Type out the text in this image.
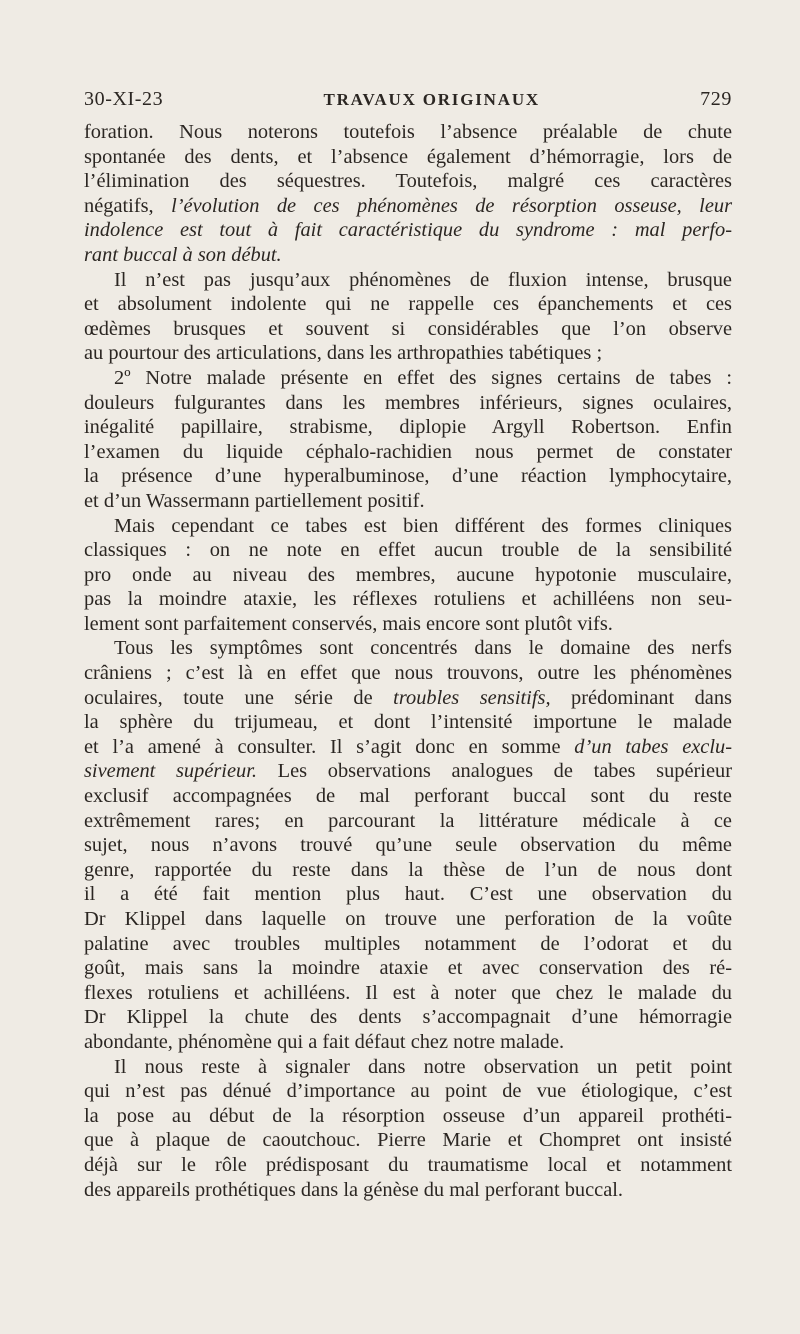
30-XI-23	TRAVAUX ORIGINAUX	729

foration. Nous noterons toutefois l’absence préalable de chute
spontanée des dents, et l’absence également d’hémorragie, lors de
l’élimination des séquestres. Toutefois, malgré ces caractères
négatifs, l’évolution de ces phénomènes de résorption osseuse, leur
indolence est tout à fait caractéristique du syndrome : mal perfo-
rant buccal à son début.

Il n’est pas jusqu’aux phénomènes de fluxion intense, brusque
et absolument indolente qui ne rappelle ces épanchements et ces
œdèmes brusques et souvent si considérables que l’on observe
au pourtour des articulations, dans les arthropathies tabétiques ;

2º Notre malade présente en effet des signes certains de tabes :
douleurs fulgurantes dans les membres inférieurs, signes oculaires,
inégalité papillaire, strabisme, diplopie Argyll Robertson. Enfin
l’examen du liquide céphalo-rachidien nous permet de constater
la présence d’une hyperalbuminose, d’une réaction lymphocytaire,
et d’un Wassermann partiellement positif.

Mais cependant ce tabes est bien différent des formes cliniques
classiques : on ne note en effet aucun trouble de la sensibilité
pro onde au niveau des membres, aucune hypotonie musculaire,
pas la moindre ataxie, les réflexes rotuliens et achilléens non seu-
lement sont parfaitement conservés, mais encore sont plutôt vifs.

Tous les symptômes sont concentrés dans le domaine des nerfs
crâniens ; c’est là en effet que nous trouvons, outre les phénomènes
oculaires, toute une série de troubles sensitifs, prédominant dans
la sphère du trijumeau, et dont l’intensité importune le malade
et l’a amené à consulter. Il s’agit donc en somme d’un tabes exclu-
sivement supérieur. Les observations analogues de tabes supérieur
exclusif accompagnées de mal perforant buccal sont du reste
extrêmement rares; en parcourant la littérature médicale à ce
sujet, nous n’avons trouvé qu’une seule observation du même
genre, rapportée du reste dans la thèse de l’un de nous dont
il a été fait mention plus haut. C’est une observation du
Dr Klippel dans laquelle on trouve une perforation de la voûte
palatine avec troubles multiples notamment de l’odorat et du
goût, mais sans la moindre ataxie et avec conservation des ré-
flexes rotuliens et achilléens. Il est à noter que chez le malade du
Dr Klippel la chute des dents s’accompagnait d’une hémorragie
abondante, phénomène qui a fait défaut chez notre malade.

Il nous reste à signaler dans notre observation un petit point
qui n’est pas dénué d’importance au point de vue étiologique, c’est
la pose au début de la résorption osseuse d’un appareil prothéti-
que à plaque de caoutchouc. Pierre Marie et Chompret ont insisté
déjà sur le rôle prédisposant du traumatisme local et notamment
des appareils prothétiques dans la génèse du mal perforant buccal.
